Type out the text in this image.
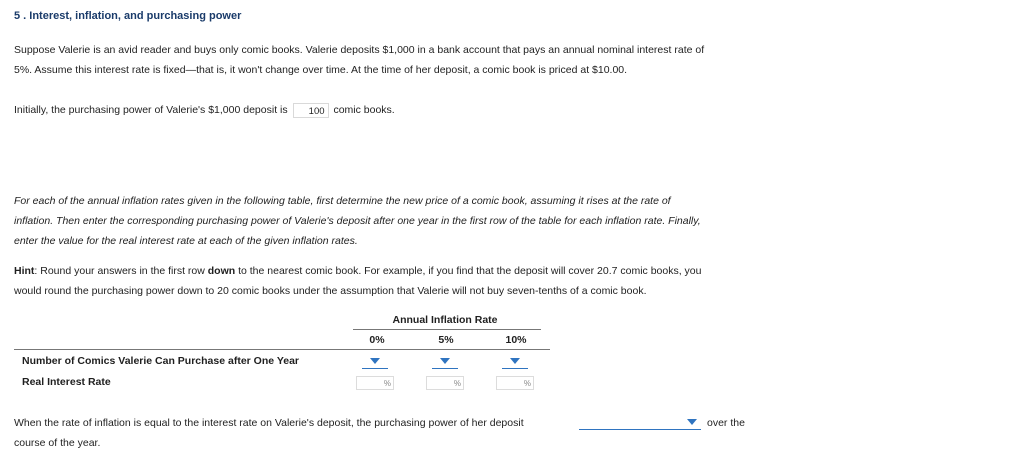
5 . Interest, inflation, and purchasing power
Suppose Valerie is an avid reader and buys only comic books. Valerie deposits $1,000 in a bank account that pays an annual nominal interest rate of
5%. Assume this interest rate is fixed—that is, it won't change over time. At the time of her deposit, a comic book is priced at $10.00.
Initially, the purchasing power of Valerie's $1,000 deposit is 100 comic books.
For each of the annual inflation rates given in the following table, first determine the new price of a comic book, assuming it rises at the rate of
inflation. Then enter the corresponding purchasing power of Valerie's deposit after one year in the first row of the table for each inflation rate. Finally,
enter the value for the real interest rate at each of the given inflation rates.
Hint: Round your answers in the first row down to the nearest comic book. For example, if you find that the deposit will cover 20.7 comic books, you
would round the purchasing power down to 20 comic books under the assumption that Valerie will not buy seven-tenths of a comic book.
Annual Inflation Rate
0%	5%	10%
Number of Comics Valerie Can Purchase after One Year
Real Interest Rate	%	%	%
When the rate of inflation is equal to the interest rate on Valerie's deposit, the purchasing power of her deposit	over the
course of the year.
